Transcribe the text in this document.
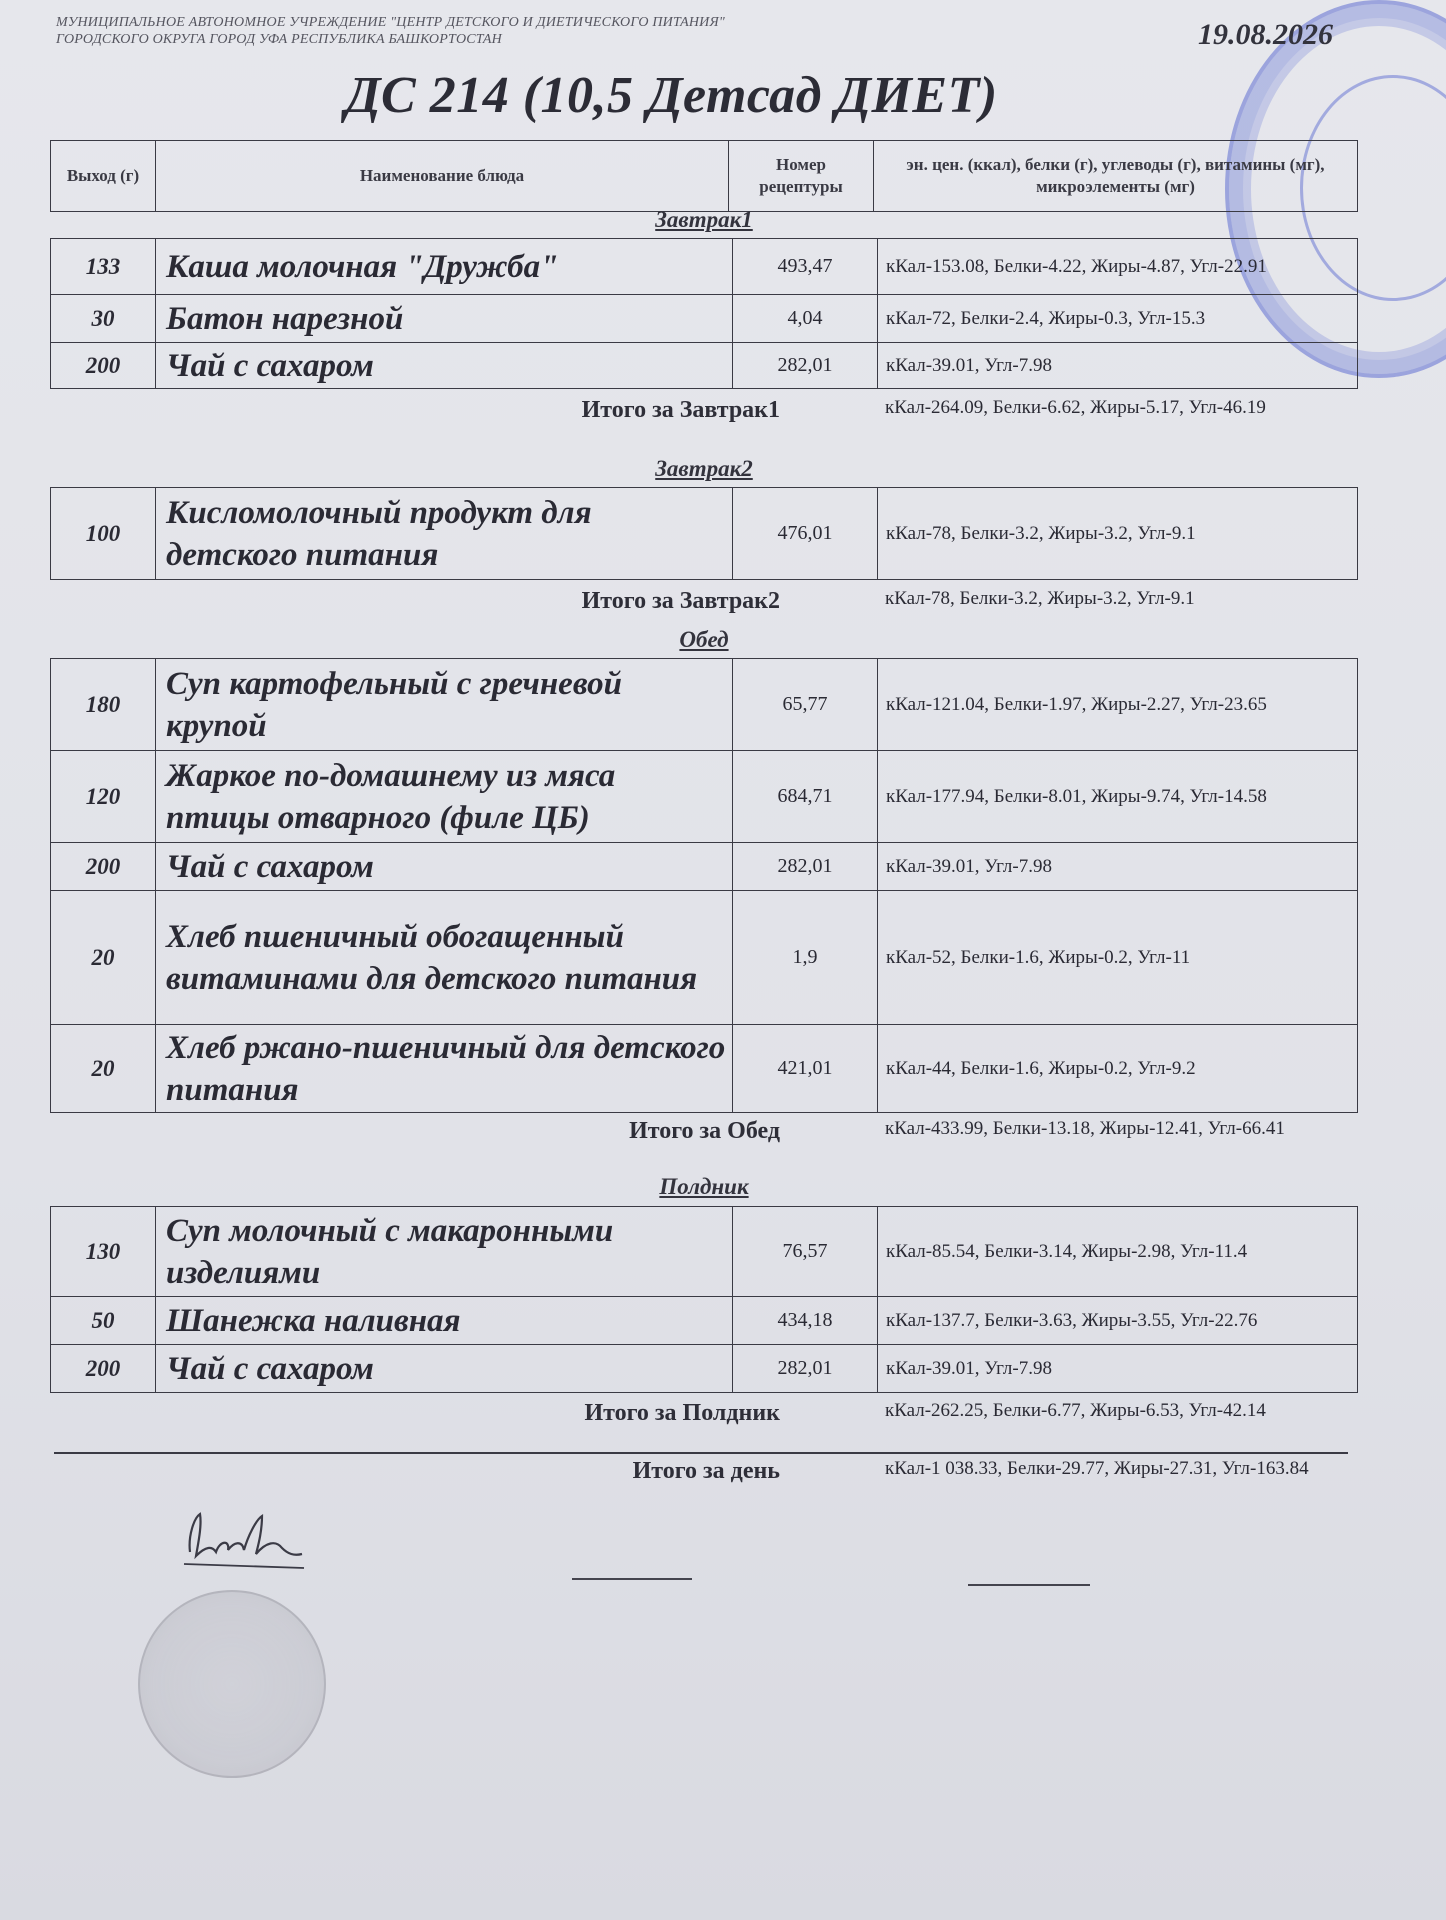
МУНИЦИПАЛЬНОЕ АВТОНОМНОЕ УЧРЕЖДЕНИЕ "ЦЕНТР ДЕТСКОГО И ДИЕТИЧЕСКОГО ПИТАНИЯ" ГОРОДСКОГО ОКРУГА ГОРОД УФА РЕСПУБЛИКА БАШКОРТОСТАН	19.08.2026
ДС 214 (10,5 Детсад ДИЕТ)
Выход (г)	Наименование блюда	Номер рецептуры	эн. цен. (ккал), белки (г), углеводы (г), витамины (мг), микроэлементы (мг)
Завтрак1
133	Каша молочная "Дружба"	493,47	кКал-153.08, Белки-4.22, Жиры-4.87, Угл-22.91
30	Батон нарезной	4,04	кКал-72, Белки-2.4, Жиры-0.3, Угл-15.3
200	Чай с сахаром	282,01	кКал-39.01, Угл-7.98
Итого за Завтрак1	кКал-264.09, Белки-6.62, Жиры-5.17, Угл-46.19
Завтрак2
100	Кисломолочный продукт для детского питания	476,01	кКал-78, Белки-3.2, Жиры-3.2, Угл-9.1
Итого за Завтрак2	кКал-78, Белки-3.2, Жиры-3.2, Угл-9.1
Обед
180	Суп картофельный с гречневой крупой	65,77	кКал-121.04, Белки-1.97, Жиры-2.27, Угл-23.65
120	Жаркое по-домашнему из мяса птицы отварного (филе ЦБ)	684,71	кКал-177.94, Белки-8.01, Жиры-9.74, Угл-14.58
200	Чай с сахаром	282,01	кКал-39.01, Угл-7.98
20	Хлеб пшеничный обогащенный витаминами для детского питания	1,9	кКал-52, Белки-1.6, Жиры-0.2, Угл-11
20	Хлеб ржано-пшеничный для детского питания	421,01	кКал-44, Белки-1.6, Жиры-0.2, Угл-9.2
Итого за Обед	кКал-433.99, Белки-13.18, Жиры-12.41, Угл-66.41
Полдник
130	Суп молочный с макаронными изделиями	76,57	кКал-85.54, Белки-3.14, Жиры-2.98, Угл-11.4
50	Шанежка наливная	434,18	кКал-137.7, Белки-3.63, Жиры-3.55, Угл-22.76
200	Чай с сахаром	282,01	кКал-39.01, Угл-7.98
Итого за Полдник	кКал-262.25, Белки-6.77, Жиры-6.53, Угл-42.14
Итого за день	кКал-1 038.33, Белки-29.77, Жиры-27.31, Угл-163.84
